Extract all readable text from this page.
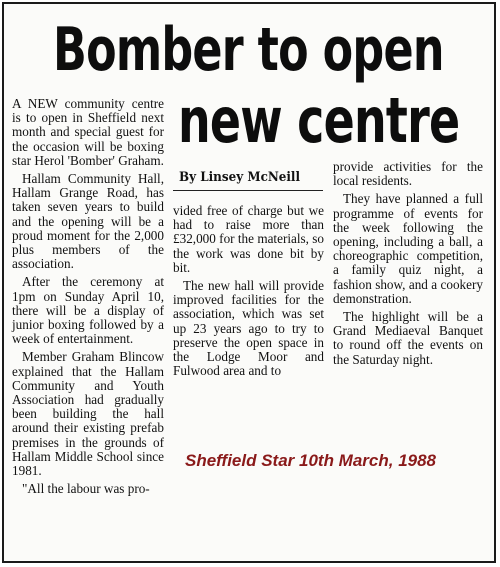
Bomber to open
new centre

A NEW community centre is to open in Sheffield next month and special guest for the occasion will be boxing star Herol 'Bomber' Graham.

Hallam Community Hall, Hallam Grange Road, has taken seven years to build and the opening will be a proud moment for the 2,000 plus members of the association.

After the ceremony at 1pm on Sunday April 10, there will be a display of junior boxing followed by a week of entertainment.

Member Graham Blincow explained that the Hallam Community and Youth Association had gradually been building the hall around their existing prefab premises in the grounds of Hallam Middle School since 1981.

"All the labour was pro-

By Linsey McNeill

vided free of charge but we had to raise more than £32,000 for the materials, so the work was done bit by bit.

The new hall will provide improved facilities for the association, which was set up 23 years ago to try to preserve the open space in the Lodge Moor and Fulwood area and to

provide activities for the local residents.

They have planned a full programme of events for the week following the opening, including a ball, a choreographic competition, a family quiz night, a fashion show, and a cookery demonstration.

The highlight will be a Grand Mediaeval Banquet to round off the events on the Saturday night.

Sheffield Star 10th March, 1988
